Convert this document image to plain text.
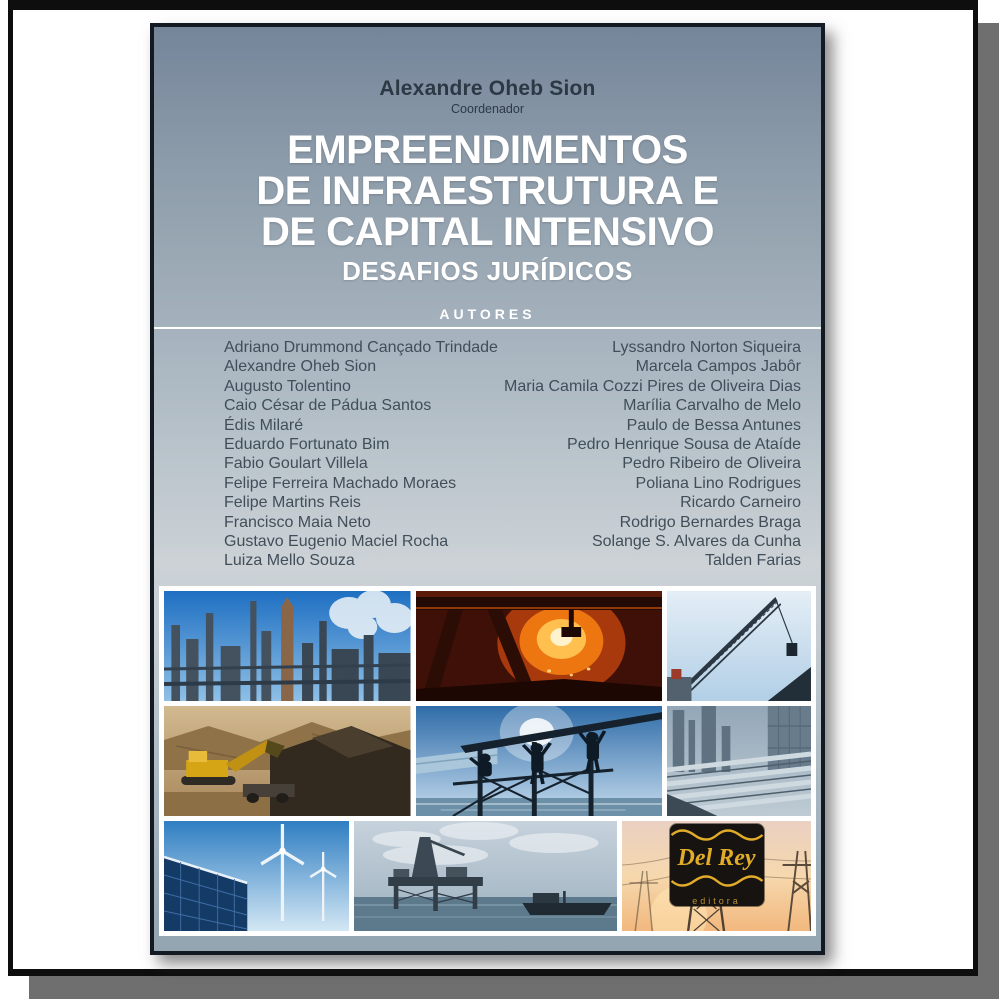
Alexandre Oheb Sion
Coordenador
EMPREENDIMENTOS
DE INFRAESTRUTURA E
DE CAPITAL INTENSIVO
DESAFIOS JURÍDICOS
AUTORES
Adriano Drummond Cançado Trindade
Alexandre Oheb Sion
Augusto Tolentino
Caio César de Pádua Santos
Édis Milaré
Eduardo Fortunato Bim
Fabio Goulart Villela
Felipe Ferreira Machado Moraes
Felipe Martins Reis
Francisco Maia Neto
Gustavo Eugenio Maciel Rocha
Luiza Mello Souza
Lyssandro Norton Siqueira
Marcela Campos Jabôr
Maria Camila Cozzi Pires de Oliveira Dias
Marília Carvalho de Melo
Paulo de Bessa Antunes
Pedro Henrique Sousa de Ataíde
Pedro Ribeiro de Oliveira
Poliana Lino Rodrigues
Ricardo Carneiro
Rodrigo Bernardes Braga
Solange S. Alvares da Cunha
Talden Farias
Del Rey
editora
